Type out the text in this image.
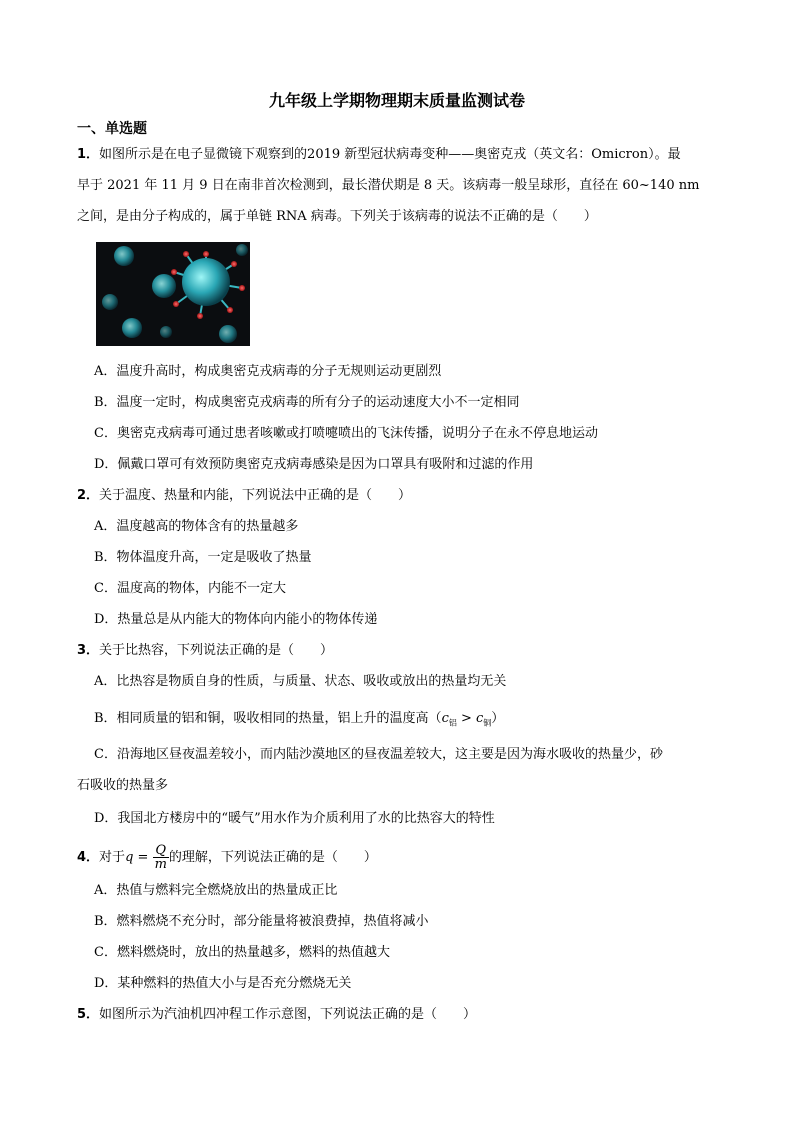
九年级上学期物理期末质量监测试卷
一、单选题
1．如图所示是在电子显微镜下观察到的2019 新型冠状病毒变种——奥密克戎（英文名：Omicron）。最
早于 2021 年 11 月 9 日在南非首次检测到，最长潜伏期是 8 天。该病毒一般呈球形，直径在 60~140 nm
之间，是由分子构成的，属于单链 RNA 病毒。下列关于该病毒的说法不正确的是（　　）
A．温度升高时，构成奥密克戎病毒的分子无规则运动更剧烈
B．温度一定时，构成奥密克戎病毒的所有分子的运动速度大小不一定相同
C．奥密克戎病毒可通过患者咳嗽或打喷嚏喷出的飞沫传播，说明分子在永不停息地运动
D．佩戴口罩可有效预防奥密克戎病毒感染是因为口罩具有吸附和过滤的作用
2．关于温度、热量和内能，下列说法中正确的是（　　）
A．温度越高的物体含有的热量越多
B．物体温度升高，一定是吸收了热量
C．温度高的物体，内能不一定大
D．热量总是从内能大的物体向内能小的物体传递
3．关于比热容，下列说法正确的是（　　）
A．比热容是物质自身的性质，与质量、状态、吸收或放出的热量均无关
B．相同质量的铝和铜，吸收相同的热量，铝上升的温度高$(c_铝 > c_铜)$
C．沿海地区昼夜温差较小，而内陆沙漠地区的昼夜温差较大，这主要是因为海水吸收的热量少，砂
石吸收的热量多
D．我国北方楼房中的“暖气”用水作为介质利用了水的比热容大的特性
4．对于$q = \frac{Q}{m}$ 的理解，下列说法正确的是（　　）
A．热值与燃料完全燃烧放出的热量成正比
B．燃料燃烧不充分时，部分能量将被浪费掉，热值将减小
C．燃料燃烧时，放出的热量越多，燃料的热值越大
D．某种燃料的热值大小与是否充分燃烧无关
5．如图所示为汽油机四冲程工作示意图，下列说法正确的是（　　）
